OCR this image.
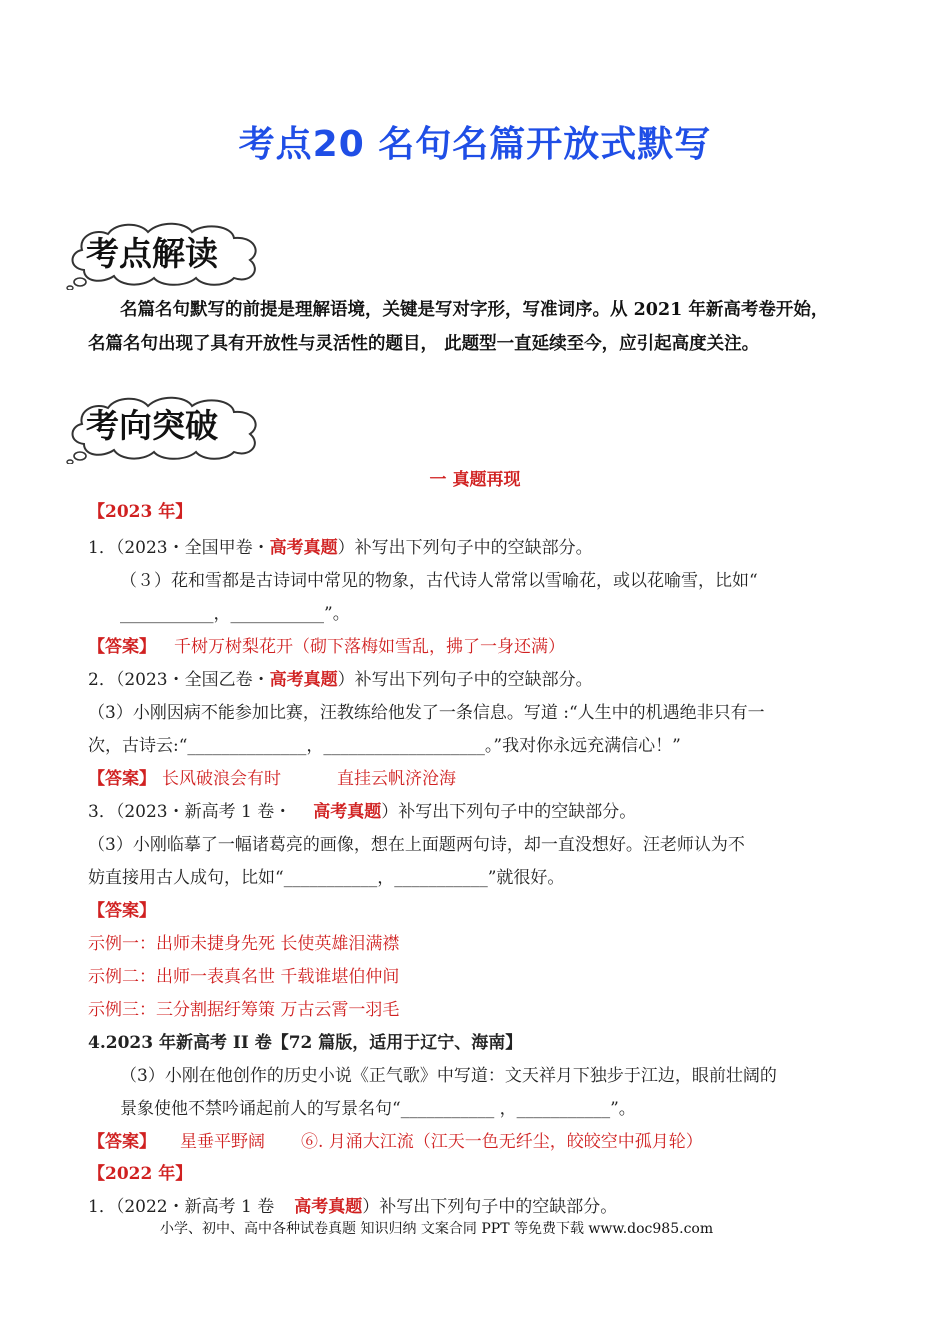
考点20 名句名篇开放式默写
考点解读
名篇名句默写的前提是理解语境，关键是写对字形，写准词序。从 2021 年新高考卷开始，
名篇名句出现了具有开放性与灵活性的题目， 此题型一直延续至今，应引起高度关注。
考向突破
一 真题再现
【2023 年】
1．（2023・全国甲卷・高考真题）补写出下列句子中的空缺部分。
（３）花和雪都是古诗词中常见的物象，古代诗人常常以雪喻花，或以花喻雪，比如“
___________，___________”。
【答案】 千树万树梨花开（砌下落梅如雪乱，拂了一身还满）
2．（2023・全国乙卷・高考真题）补写出下列句子中的空缺部分。
（3）小刚因病不能参加比赛，汪教练给他发了一条信息。写道 :“人生中的机遇绝非只有一
次，古诗云:“______________，___________________。”我对你永远充满信心！”
【答案】 长风破浪会有时	直挂云帆济沧海
3．（2023・新高考 1 卷・ 高考真题）补写出下列句子中的空缺部分。
（3）小刚临摹了一幅诸葛亮的画像，想在上面题两句诗，却一直没想好。汪老师认为不
妨直接用古人成句，比如“___________，___________”就很好。
【答案】
示例一：出师未捷身先死 长使英雄泪满襟
示例二：出师一表真名世 千载谁堪伯仲间
示例三：三分割据纡筹策 万古云霄一羽毛
4.2023 年新高考 II 卷【72 篇版，适用于辽宁、海南】
（3）小刚在他创作的历史小说《正气歌》中写道：文天祥月下独步于江边，眼前壮阔的
景象使他不禁吟诵起前人的写景名句“___________ ，___________”。
【答案】 星垂平野阔 ⑥. 月涌大江流（江天一色无纤尘，皎皎空中孤月轮）
【2022 年】
1．（2022・新高考 1 卷 高考真题）补写出下列句子中的空缺部分。
小学、初中、高中各种试卷真题 知识归纳 文案合同 PPT 等免费下载 www.doc985.com
